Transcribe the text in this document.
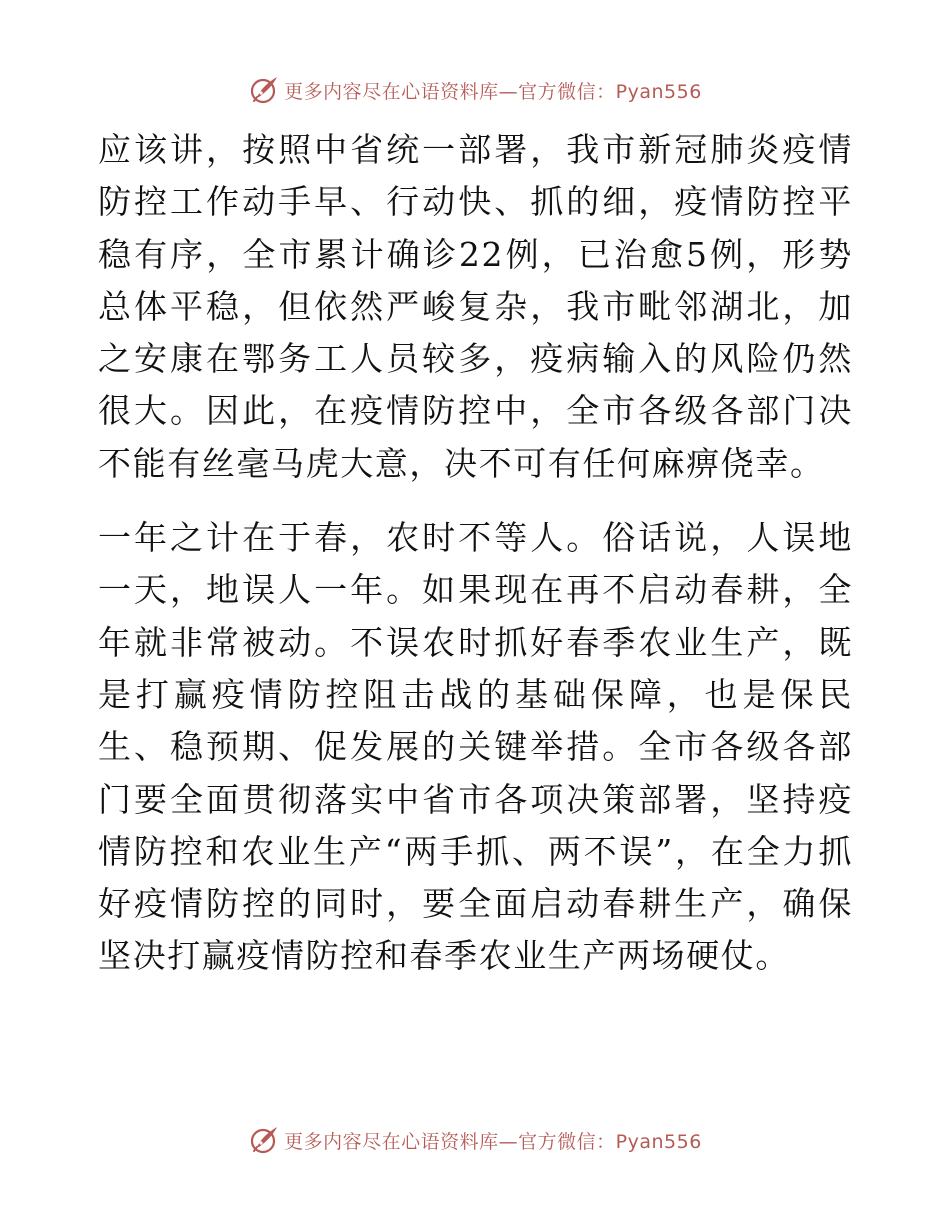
更多内容尽在心语资料库—官方微信：Pyan556

应该讲，按照中省统一部署，我市新冠肺炎疫情防控工作动手早、行动快、抓的细，疫情防控平稳有序，全市累计确诊22例，已治愈5例，形势总体平稳，但依然严峻复杂，我市毗邻湖北，加之安康在鄂务工人员较多，疫病输入的风险仍然很大。因此，在疫情防控中，全市各级各部门决不能有丝毫马虎大意，决不可有任何麻痹侥幸。

一年之计在于春，农时不等人。俗话说，人误地一天，地误人一年。如果现在再不启动春耕，全年就非常被动。不误农时抓好春季农业生产，既是打赢疫情防控阻击战的基础保障，也是保民生、稳预期、促发展的关键举措。全市各级各部门要全面贯彻落实中省市各项决策部署，坚持疫情防控和农业生产“两手抓、两不误”，在全力抓好疫情防控的同时，要全面启动春耕生产，确保坚决打赢疫情防控和春季农业生产两场硬仗。

更多内容尽在心语资料库—官方微信：Pyan556
